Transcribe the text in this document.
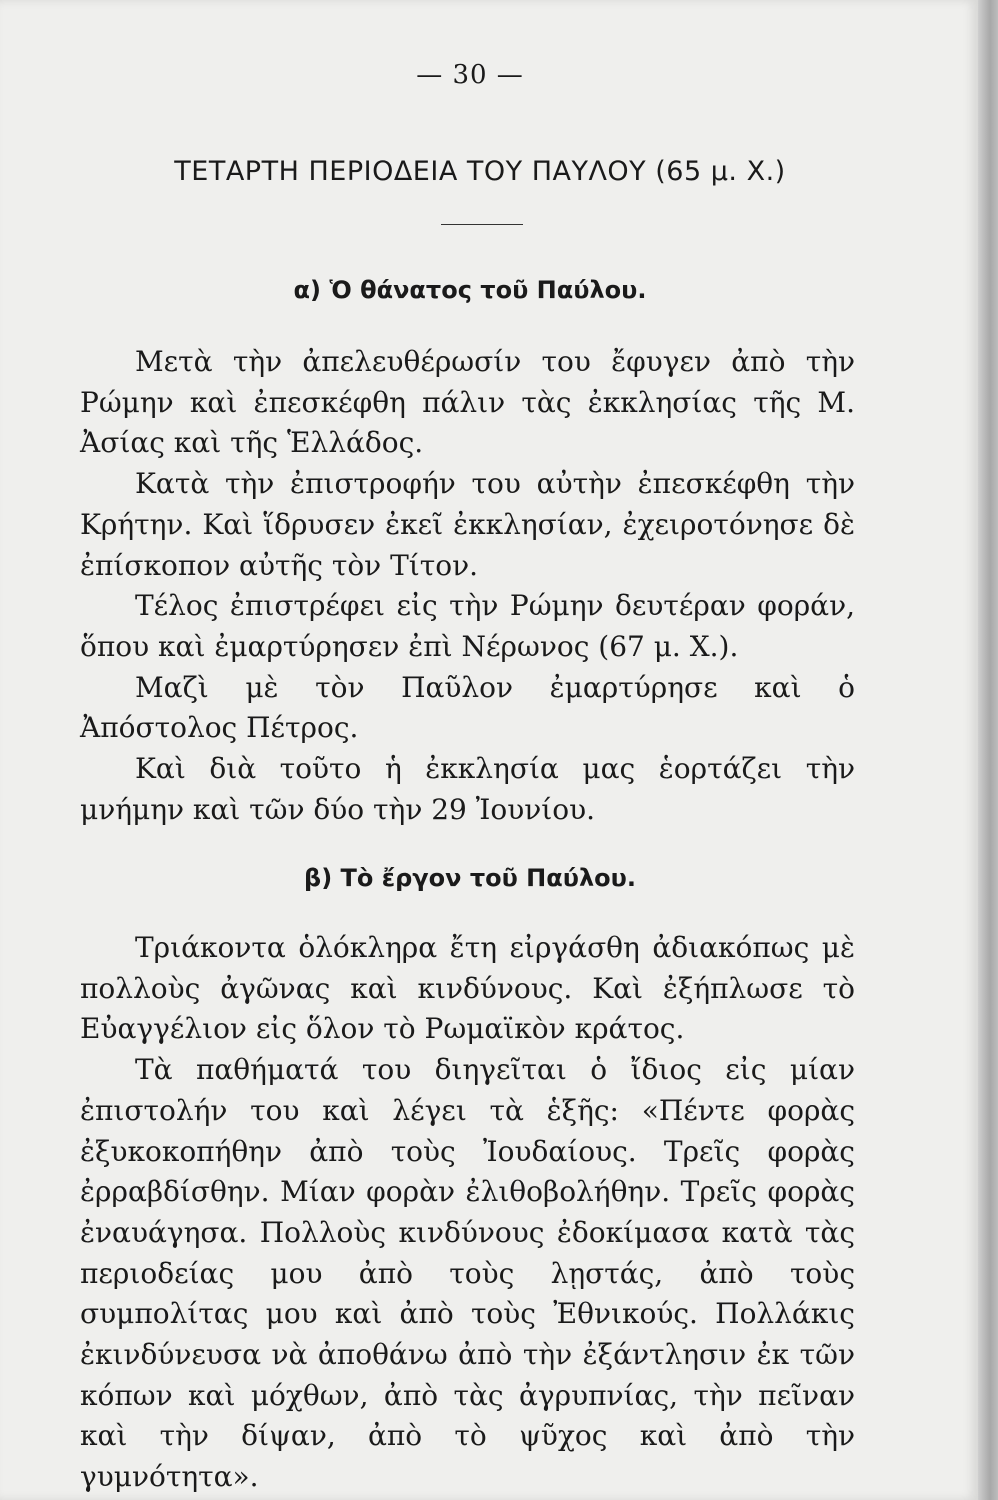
— 30 —
ΤΕΤΑΡΤΗ ΠΕΡΙΟΔΕΙΑ ΤΟΥ ΠΑΥΛΟΥ (65 μ. Χ.)
α) Ὁ θάνατος τοῦ Παύλου.

Μετὰ τὴν ἀπελευθέρωσίν του ἔφυγεν ἀπὸ τὴν Ρώμην καὶ ἐπεσκέφθη πάλιν τὰς ἐκκλησίας τῆς Μ. Ἀσίας καὶ τῆς Ἑλλάδος.

Κατὰ τὴν ἐπιστροφήν του αὐτὴν ἐπεσκέφθη τὴν Κρήτην. Καὶ ἵδρυσεν ἐκεῖ ἐκκλησίαν, ἐχειροτόνησε δὲ ἐπίσκοπον αὐτῆς τὸν Τίτον.

Τέλος ἐπιστρέφει εἰς τὴν Ρώμην δευτέραν φοράν, ὅπου καὶ ἐμαρτύρησεν ἐπὶ Νέρωνος (67 μ. Χ.).

Μαζὶ μὲ τὸν Παῦλον ἐμαρτύρησε καὶ ὁ Ἀπόστολος Πέτρος.

Καὶ διὰ τοῦτο ἡ ἐκκλησία μας ἑορτάζει τὴν μνήμην καὶ τῶν δύο τὴν 29 Ἰουνίου.

β) Τὸ ἔργον τοῦ Παύλου.

Τριάκοντα ὁλόκληρα ἔτη εἰργάσθη ἀδιακόπως μὲ πολλοὺς ἀγῶνας καὶ κινδύνους. Καὶ ἐξήπλωσε τὸ Εὐαγγέλιον εἰς ὅλον τὸ Ρωμαϊκὸν κράτος.

Τὰ παθήματά του διηγεῖται ὁ ἴδιος εἰς μίαν ἐπιστολήν του καὶ λέγει τὰ ἑξῆς: «Πέντε φορὰς ἐξυκοκοπήθην ἀπὸ τοὺς Ἰουδαίους. Τρεῖς φορὰς ἐρραβδίσθην. Μίαν φορὰν ἐλιθοβολήθην. Τρεῖς φορὰς ἐναυάγησα. Πολλοὺς κινδύνους ἐδοκίμασα κατὰ τὰς περιοδείας μου ἀπὸ τοὺς λῃστάς, ἀπὸ τοὺς συμπολίτας μου καὶ ἀπὸ τοὺς Ἐθνικούς. Πολλάκις ἐκινδύνευσα νὰ ἀποθάνω ἀπὸ τὴν ἐξάντλησιν ἐκ τῶν κόπων καὶ μόχθων, ἀπὸ τὰς ἀγρυπνίας, τὴν πεῖναν καὶ τὴν δίψαν, ἀπὸ τὸ ψῦχος καὶ ἀπὸ τὴν γυμνότητα».
